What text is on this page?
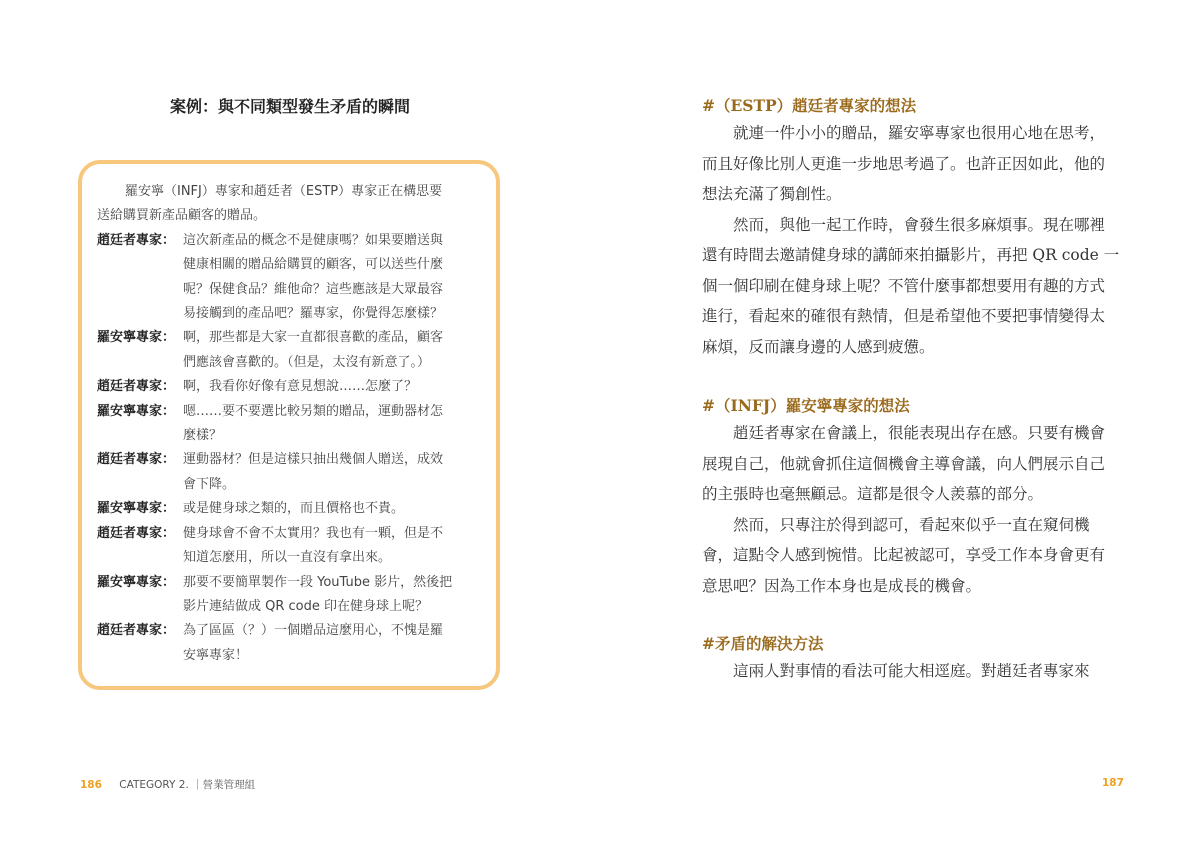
案例：與不同類型發生矛盾的瞬間
羅安寧（INFJ）專家和趙廷者（ESTP）專家正在構思要
送給購買新產品顧客的贈品。
趙廷者專家： 這次新產品的概念不是健康嗎？如果要贈送與
健康相關的贈品給購買的顧客，可以送些什麼
呢？保健食品？維他命？這些應該是大眾最容
易接觸到的產品吧？羅專家，你覺得怎麼樣？
羅安寧專家： 啊，那些都是大家一直都很喜歡的產品，顧客
們應該會喜歡的。（但是，太沒有新意了。）
趙廷者專家： 啊，我看你好像有意見想說……怎麼了？
羅安寧專家： 嗯……要不要選比較另類的贈品，運動器材怎
麼樣？
趙廷者專家： 運動器材？但是這樣只抽出幾個人贈送，成效
會下降。
羅安寧專家： 或是健身球之類的，而且價格也不貴。
趙廷者專家： 健身球會不會不太實用？我也有一顆，但是不
知道怎麼用，所以一直沒有拿出來。
羅安寧專家： 那要不要簡單製作一段 YouTube 影片，然後把
影片連結做成 QR code 印在健身球上呢？
趙廷者專家： 為了區區（？）一個贈品這麼用心，不愧是羅
安寧專家！
#（ESTP）趙廷者專家的想法
就連一件小小的贈品，羅安寧專家也很用心地在思考，
而且好像比別人更進一步地思考過了。也許正因如此，他的
想法充滿了獨創性。
然而，與他一起工作時，會發生很多麻煩事。現在哪裡
還有時間去邀請健身球的講師來拍攝影片，再把 QR code 一
個一個印刷在健身球上呢？不管什麼事都想要用有趣的方式
進行，看起來的確很有熱情，但是希望他不要把事情變得太
麻煩，反而讓身邊的人感到疲憊。
#（INFJ）羅安寧專家的想法
趙廷者專家在會議上，很能表現出存在感。只要有機會
展現自己，他就會抓住這個機會主導會議，向人們展示自己
的主張時也毫無顧忌。這都是很令人羨慕的部分。
然而，只專注於得到認可，看起來似乎一直在窺伺機
會，這點令人感到惋惜。比起被認可，享受工作本身會更有
意思吧？因為工作本身也是成長的機會。
#矛盾的解決方法
這兩人對事情的看法可能大相逕庭。對趙廷者專家來
186 CATEGORY 2. ｜營業管理組	187
